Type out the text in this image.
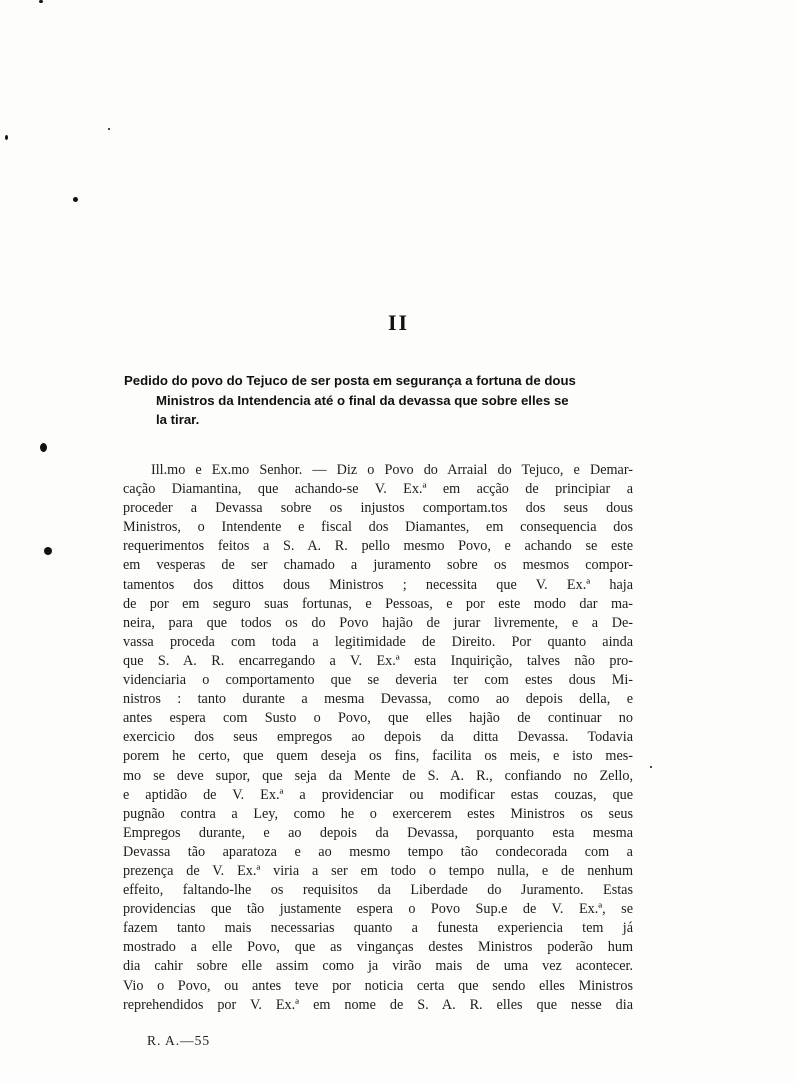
II
Pedido do povo do Tejuco de ser posta em segurança a fortuna de dous
Ministros da Intendencia até o final da devassa que sobre elles se
la tirar.
Ill.mo e Ex.mo Senhor. — Diz o Povo do Arraial do Tejuco, e Demar-
cação Diamantina, que achando-se V. Ex.ª em acção de principiar a
proceder a Devassa sobre os injustos comportam.tos dos seus dous
Ministros, o Intendente e fiscal dos Diamantes, em consequencia dos
requerimentos feitos a S. A. R. pello mesmo Povo, e achando se este
em vesperas de ser chamado a juramento sobre os mesmos compor-
tamentos dos dittos dous Ministros ; necessita que V. Ex.ª haja
de por em seguro suas fortunas, e Pessoas, e por este modo dar ma-
neira, para que todos os do Povo hajão de jurar livremente, e a De-
vassa proceda com toda a legitimidade de Direito. Por quanto ainda
que S. A. R. encarregando a V. Ex.ª esta Inquirição, talves não pro-
videnciaria o comportamento que se deveria ter com estes dous Mi-
nistros : tanto durante a mesma Devassa, como ao depois della, e
antes espera com Susto o Povo, que elles hajão de continuar no
exercicio dos seus empregos ao depois da ditta Devassa. Todavia
porem he certo, que quem deseja os fins, facilita os meis, e isto mes-
mo se deve supor, que seja da Mente de S. A. R., confiando no Zello,
e aptidão de V. Ex.ª a providenciar ou modificar estas couzas, que
pugnão contra a Ley, como he o exercerem estes Ministros os seus
Empregos durante, e ao depois da Devassa, porquanto esta mesma
Devassa tão aparatoza e ao mesmo tempo tão condecorada com a
prezença de V. Ex.ª viria a ser em todo o tempo nulla, e de nenhum
effeito, faltando-lhe os requisitos da Liberdade do Juramento. Estas
providencias que tão justamente espera o Povo Sup.e de V. Ex.ª, se
fazem tanto mais necessarias quanto a funesta experiencia tem já
mostrado a elle Povo, que as vinganças destes Ministros poderão hum
dia cahir sobre elle assim como ja virão mais de uma vez acontecer.
Vio o Povo, ou antes teve por noticia certa que sendo elles Ministros
reprehendidos por V. Ex.ª em nome de S. A. R. elles que nesse dia
R. A.—55
